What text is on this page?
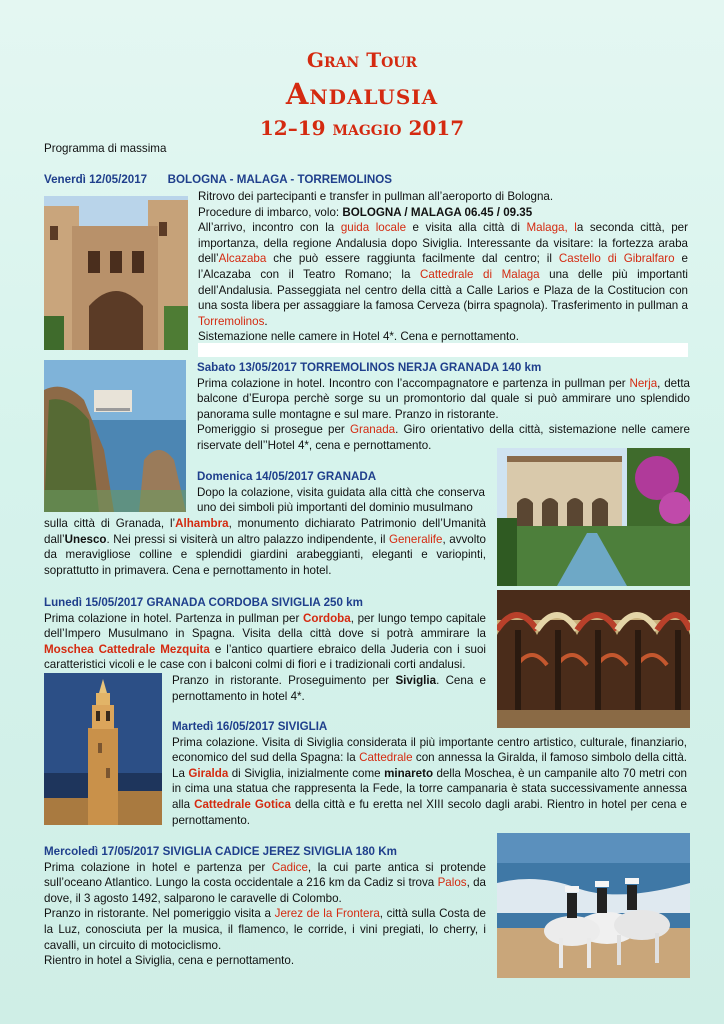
Gran Tour
Andalusia
12–19 maggio 2017
Programma di massima
Venerdì 12/05/2017 BOLOGNA - MALAGA - TORREMOLINOS
Ritrovo dei partecipanti e transfer in pullman all’aeroporto di Bologna.
Procedure di imbarco, volo: BOLOGNA / MALAGA 06.45 / 09.35
All’arrivo, incontro con la guida locale e visita alla città di Malaga, la seconda città, per importanza, della regione Andalusia dopo Siviglia. Interessante da visitare: la fortezza araba dell’Alcazaba che può essere raggiunta facilmente dal centro; il Castello di Gibralfaro e l’Alcazaba con il Teatro Romano; la Cattedrale di Malaga una delle più importanti dell’Andalusia. Passeggiata nel centro della città a Calle Larios e Plaza de la Costitucion con una sosta libera per assaggiare la famosa Cerveza (birra spagnola). Trasferimento in pullman a Torremolinos.
Sistemazione nelle camere in Hotel 4*. Cena e pernottamento.
Sabato 13/05/2017 TORREMOLINOS NERJA GRANADA 140 km
Prima colazione in hotel. Incontro con l’accompagnatore e partenza in pullman per Nerja, detta balcone d’Europa perchè sorge su un promontorio dal quale si può ammirare uno splendido panorama sulle montagne e sul mare. Pranzo in ristorante.
Pomeriggio si prosegue per Granada. Giro orientativo della città, sistemazione nelle camere riservate dell’’Hotel 4*, cena e pernottamento.
Domenica 14/05/2017 GRANADA
Dopo la colazione, visita guidata alla città che conserva uno dei simboli più importanti del dominio musulmano
sulla città di Granada, l’Alhambra, monumento dichiarato Patrimonio dell’Umanità dall’Unesco. Nei pressi si visiterà un altro palazzo indipendente, il Generalife, avvolto da meravigliose colline e splendidi giardini arabeggianti, eleganti e variopinti, soprattutto in primavera. Cena e pernottamento in hotel.
Lunedì 15/05/2017 GRANADA CORDOBA SIVIGLIA 250 km
Prima colazione in hotel. Partenza in pullman per Cordoba, per lungo tempo capitale dell’Impero Musulmano in Spagna. Visita della città dove si potrà ammirare la Moschea Cattedrale Mezquita e l’antico quartiere ebraico della Juderia con i suoi caratteristici vicoli e le case con i balconi colmi di fiori e i tradizionali corti andalusi.
Pranzo in ristorante. Proseguimento per Siviglia. Cena e pernottamento in hotel 4*.
Martedì 16/05/2017 SIVIGLIA
Prima colazione. Visita di Siviglia considerata il più importante centro artistico, culturale, finanziario, economico del sud della Spagna: la Cattedrale con annessa la Giralda, il famoso simbolo della città. La Giralda di Siviglia, inizialmente come minareto della Moschea, è un campanile alto 70 metri con in cima una statua che rappresenta la Fede, la torre campanaria è stata successivamente annessa alla Cattedrale Gotica della città e fu eretta nel XIII secolo dagli arabi. Rientro in hotel per cena e pernottamento.
Mercoledì 17/05/2017 SIVIGLIA CADICE JEREZ SIVIGLIA 180 Km
Prima colazione in hotel e partenza per Cadice, la cui parte antica si protende sull’oceano Atlantico. Lungo la costa occidentale a 216 km da Cadiz si trova Palos, da dove, il 3 agosto 1492, salparono le caravelle di Colombo.
Pranzo in ristorante. Nel pomeriggio visita a Jerez de la Frontera, città sulla Costa de la Luz, conosciuta per la musica, il flamenco, le corride, i vini pregiati, lo cherry, i cavalli, un circuito di motociclismo.
Rientro in hotel a Siviglia, cena e pernottamento.
